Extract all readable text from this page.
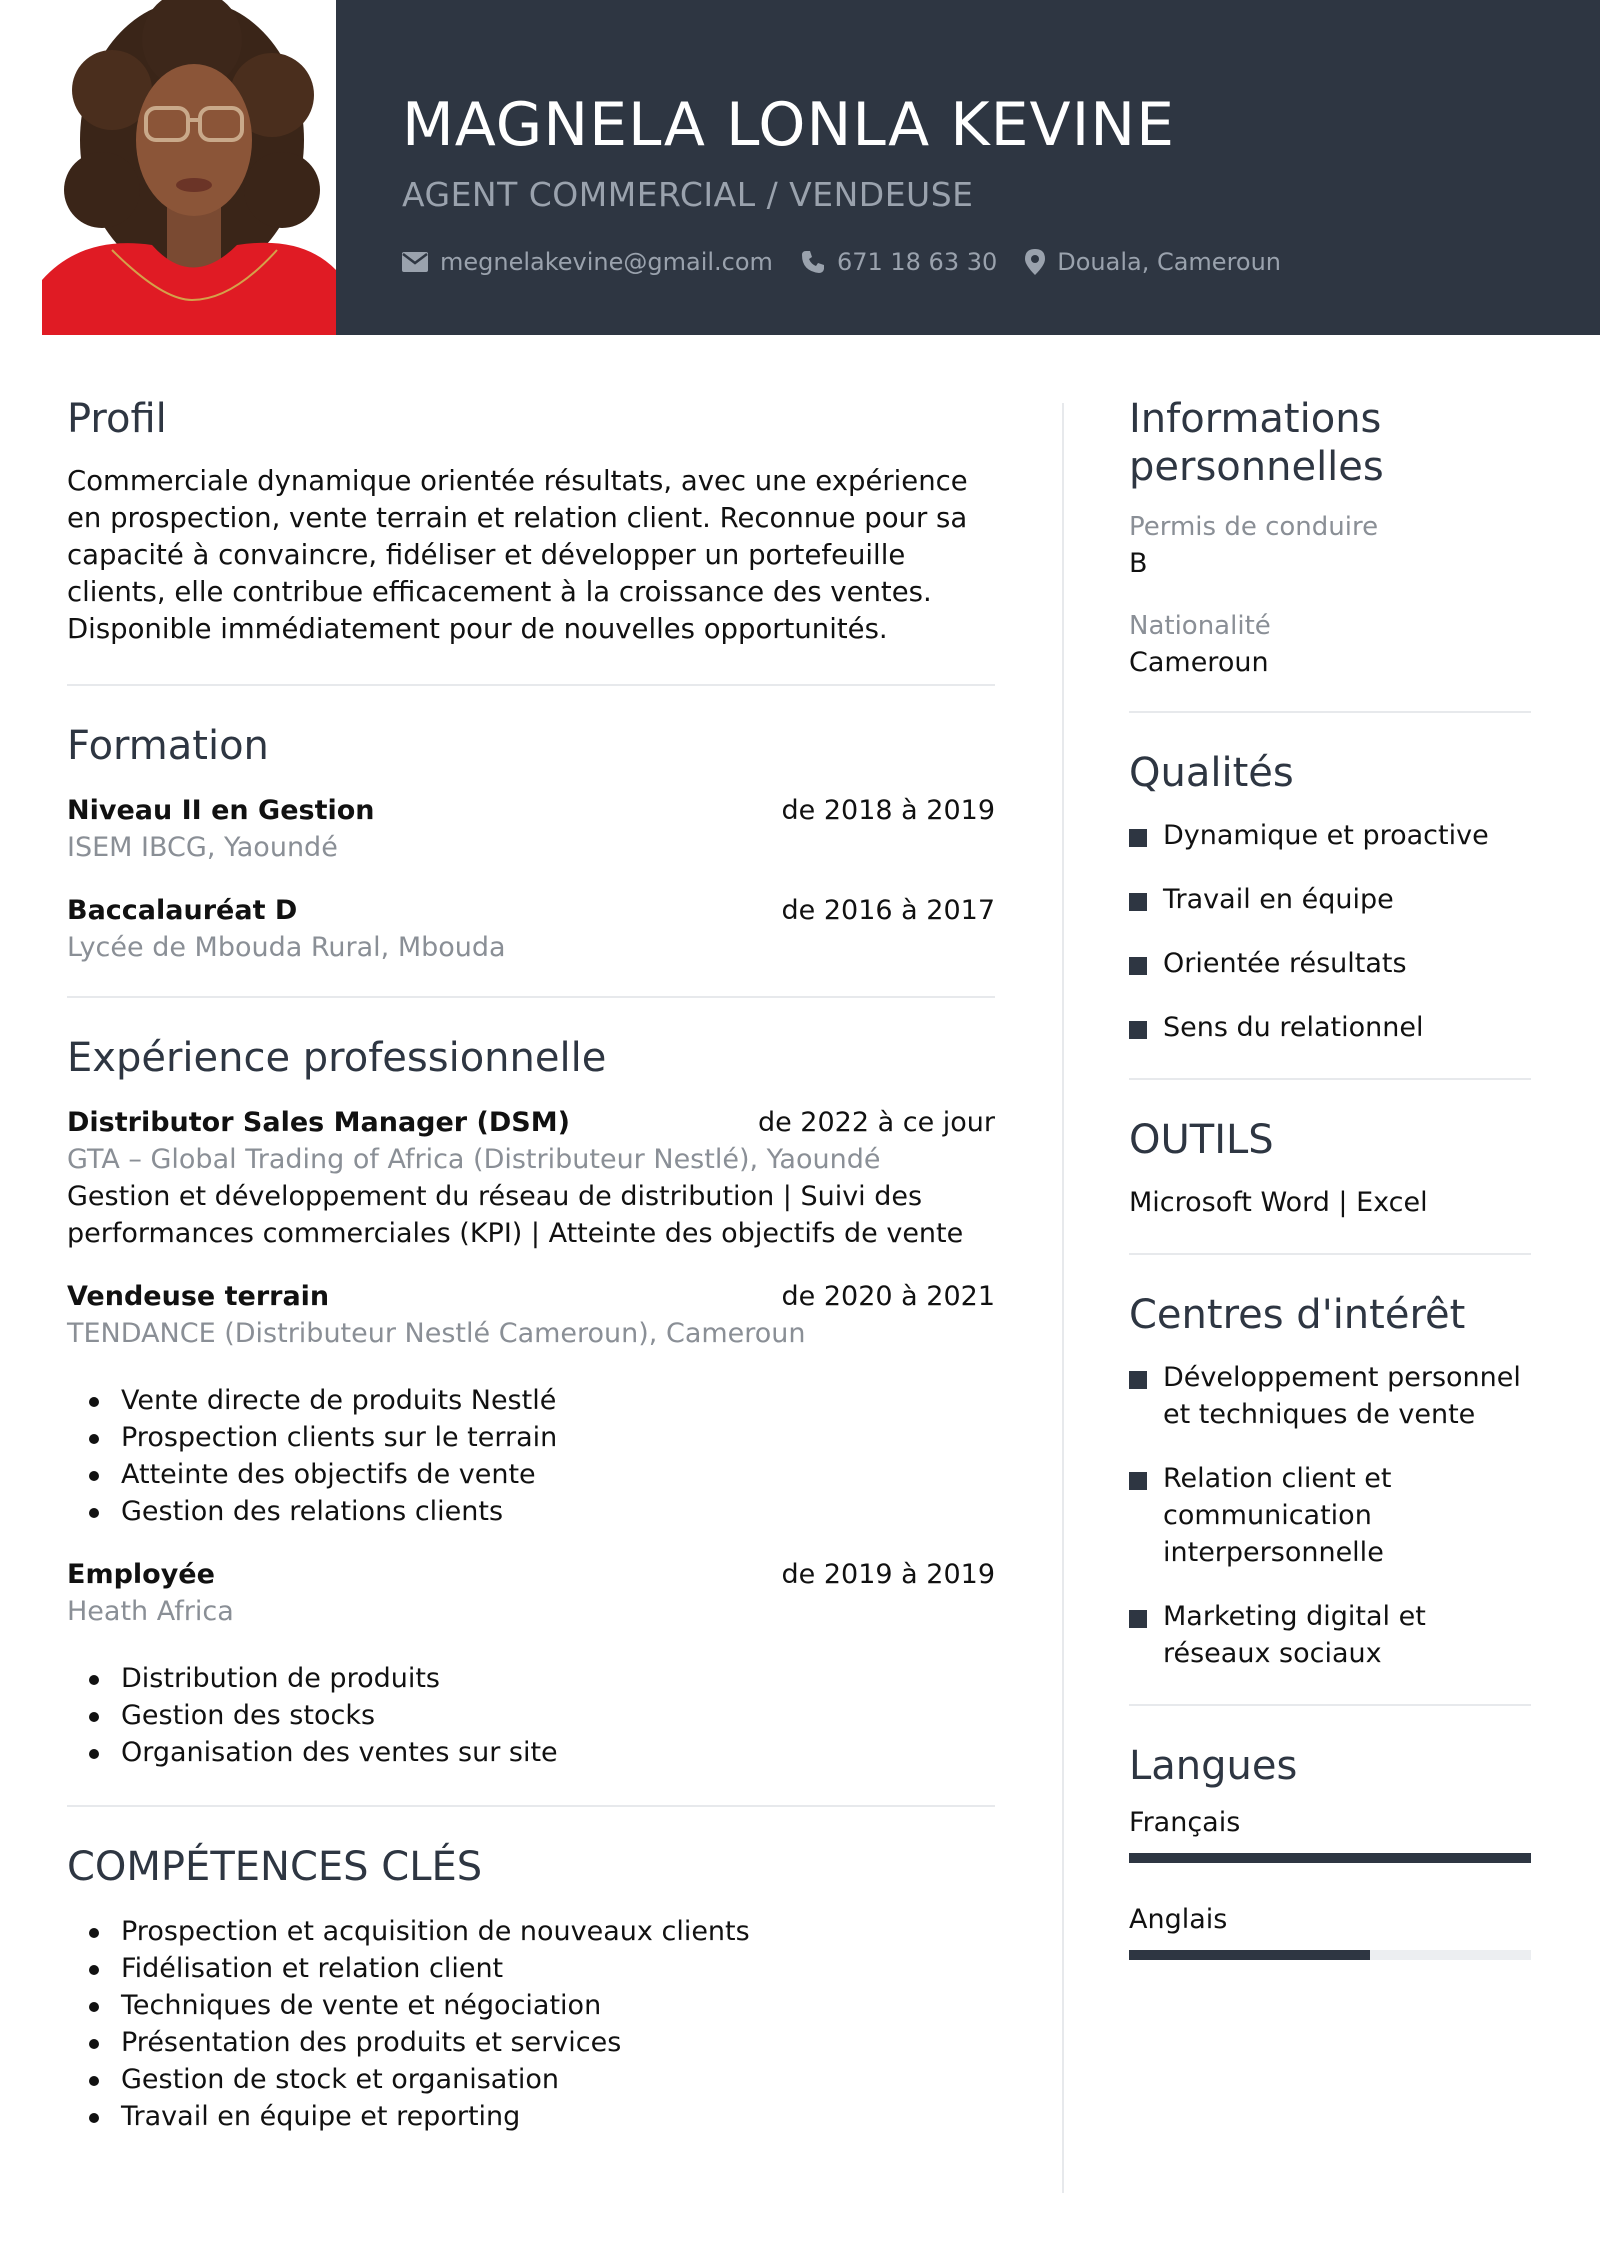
MAGNELA LONLA KEVINE
AGENT COMMERCIAL / VENDEUSE
megnelakevine@gmail.com	671 18 63 30	Douala, Cameroun
Profil

Commerciale dynamique orientée résultats, avec une expérience en prospection, vente terrain et relation client. Reconnue pour sa capacité à convaincre, fidéliser et développer un portefeuille clients, elle contribue efficacement à la croissance des ventes. Disponible immédiatement pour de nouvelles opportunités.

Formation
Niveau II en Gestion	de 2018 à 2019
ISEM IBCG, Yaoundé
Baccalauréat D	de 2016 à 2017
Lycée de Mbouda Rural, Mbouda
Expérience professionnelle
Distributor Sales Manager (DSM)	de 2022 à ce jour
GTA – Global Trading of Africa (Distributeur Nestlé), Yaoundé
Gestion et développement du réseau de distribution | Suivi des performances commerciales (KPI) | Atteinte des objectifs de vente
Vendeuse terrain	de 2020 à 2021
TENDANCE (Distributeur Nestlé Cameroun), Cameroun
Vente directe de produits Nestlé
Prospection clients sur le terrain
Atteinte des objectifs de vente
Gestion des relations clients
Employée	de 2019 à 2019
Heath Africa
Distribution de produits
Gestion des stocks
Organisation des ventes sur site
COMPÉTENCES CLÉS
Prospection et acquisition de nouveaux clients
Fidélisation et relation client
Techniques de vente et négociation
Présentation des produits et services
Gestion de stock et organisation
Travail en équipe et reporting
Informations
personnelles
Permis de conduire
B
Nationalité
Cameroun
Qualités
Dynamique et proactive
Travail en équipe
Orientée résultats
Sens du relationnel
OUTILS
Microsoft Word | Excel
Centres d'intérêt
Développement personnel et techniques de vente
Relation client et communication interpersonnelle
Marketing digital et réseaux sociaux
Langues
Français
Anglais
